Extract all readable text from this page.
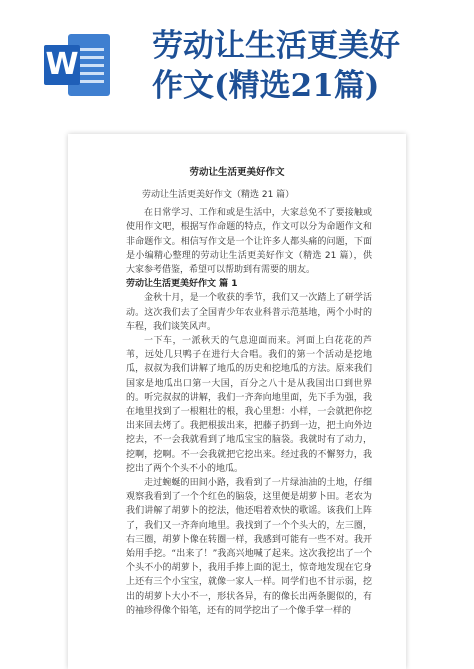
W
劳动让生活更美好
作文(精选21篇)
劳动让生活更美好作文

劳动让生活更美好作文（精选 21 篇）

在日常学习、工作和或是生活中，大家总免不了要接触或使用作文吧，根据写作命题的特点，作文可以分为命题作文和非命题作文。相信写作文是一个让许多人都头痛的问题，下面是小编精心整理的劳动让生活更美好作文（精选 21 篇），供大家参考借鉴，希望可以帮助到有需要的朋友。

劳动让生活更美好作文 篇 1

金秋十月，是一个收获的季节，我们又一次踏上了研学活动。这次我们去了全国青少年农业科普示范基地，两个小时的车程，我们谈笑风声。

一下车，一派秋天的气息迎面而来。河面上白花花的芦苇，远处几只鸭子在进行大合唱。我们的第一个活动是挖地瓜，叔叔为我们讲解了地瓜的历史和挖地瓜的方法。原来我们国家是地瓜出口第一大国，百分之八十是从我国出口到世界的。听完叔叔的讲解，我们一齐奔向地里面，先下手为强，我在地里找到了一根粗壮的根，我心里想：小样，一会就把你挖出来回去烤了。我把根拔出来，把藤子扔到一边，把土向外边挖去，不一会我就看到了地瓜宝宝的脑袋。我就时有了动力，挖啊，挖啊。不一会我就把它挖出来。经过我的不懈努力，我挖出了两个个头不小的地瓜。

走过蜿蜒的田间小路，我看到了一片绿油油的土地，仔细观察我看到了一个个红色的脑袋，这里便是胡萝卜田。老农为我们讲解了胡萝卜的挖法，他还唱着欢快的歌谣。该我们上阵了，我们又一齐奔向地里。我找到了一个个头大的，左三圈，右三圈，胡萝卜像在转圈一样，我感到可能有一些不对。我开始用手挖。“出来了！”我高兴地喊了起来。这次我挖出了一个个头不小的胡萝卜，我用手捧上面的泥土，惊奇地发现在它身上还有三个小宝宝，就像一家人一样。同学们也不甘示弱，挖出的胡萝卜大小不一，形状各异，有的像长出两条腿似的，有的袖珍得像个铅笔，还有的同学挖出了一个像手掌一样的
